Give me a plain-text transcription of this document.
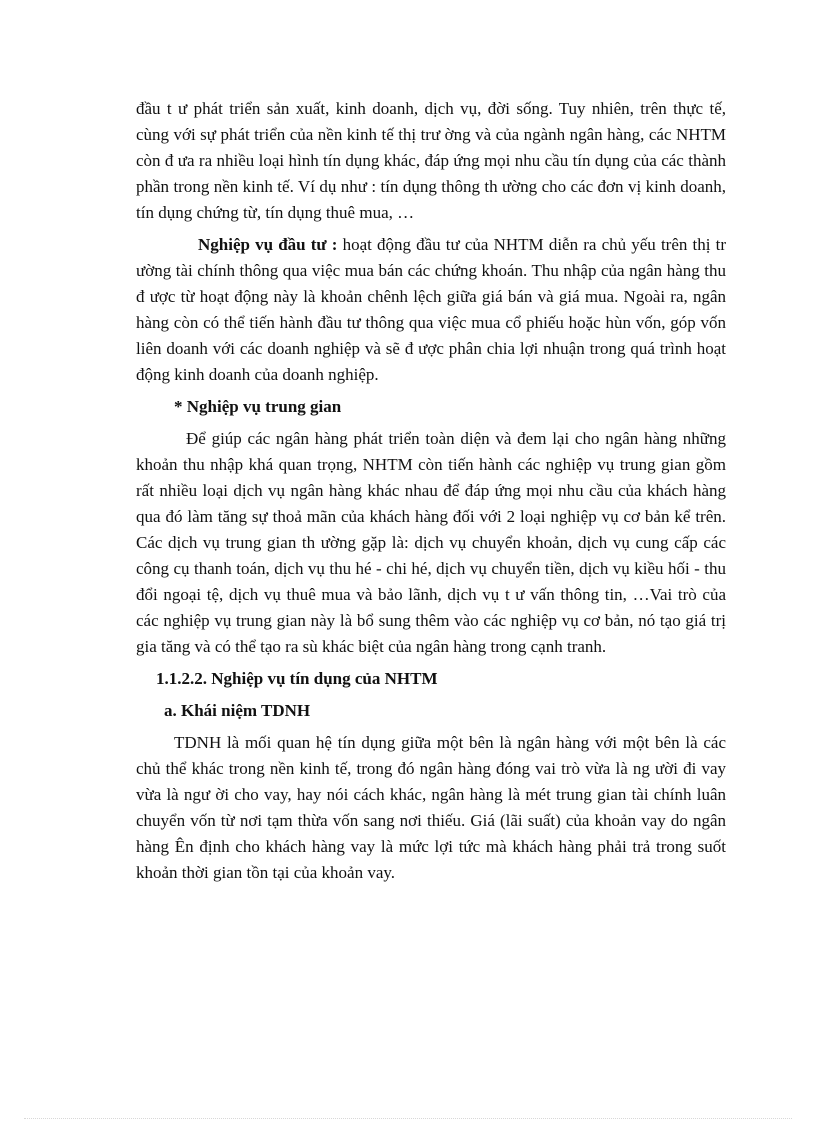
đầu t ư phát triển sản xuất, kinh doanh, dịch vụ, đời sống. Tuy nhiên, trên thực tế, cùng với sự phát triển của nền kinh tế thị trư ờng và của ngành ngân hàng, các NHTM còn đ ưa ra nhiều loại hình tín dụng khác, đáp ứng mọi nhu cầu tín dụng của các thành phần trong nền kinh tế. Ví dụ như : tín dụng thông th ường cho các đơn vị kinh doanh, tín dụng chứng từ, tín dụng thuê mua, …

Nghiệp vụ đầu tư : hoạt động đầu tư của NHTM diễn ra chủ yếu trên thị tr ường tài chính thông qua việc mua bán các chứng khoán. Thu nhập của ngân hàng thu đ ược từ hoạt động này là khoản chênh lệch giữa giá bán và giá mua. Ngoài ra, ngân hàng còn có thể tiến hành đầu tư thông qua việc mua cổ phiếu hoặc hùn vốn, góp vốn liên doanh với các doanh nghiệp và sẽ đ ược phân chia lợi nhuận trong quá trình hoạt động kinh doanh của doanh nghiệp.

* Nghiệp vụ trung gian

Để giúp các ngân hàng phát triển toàn diện và đem lại cho ngân hàng những khoản thu nhập khá quan trọng, NHTM còn tiến hành các nghiệp vụ trung gian gồm rất nhiều loại dịch vụ ngân hàng khác nhau để đáp ứng mọi nhu cầu của khách hàng qua đó làm tăng sự thoả mãn của khách hàng đối với 2 loại nghiệp vụ cơ bản kể trên. Các dịch vụ trung gian th ường gặp là: dịch vụ chuyển khoản, dịch vụ cung cấp các công cụ thanh toán, dịch vụ thu hé - chi hé, dịch vụ chuyển tiền, dịch vụ kiều hối - thu đổi ngoại tệ, dịch vụ thuê mua và bảo lãnh, dịch vụ t ư vấn thông tin, …Vai trò của các nghiệp vụ trung gian này là bổ sung thêm vào các nghiệp vụ cơ bản, nó tạo giá trị gia tăng và có thể tạo ra sù khác biệt của ngân hàng trong cạnh tranh.

1.1.2.2. Nghiệp vụ tín dụng của NHTM

a. Khái niệm TDNH

TDNH là mối quan hệ tín dụng giữa một bên là ngân hàng với một bên là các chủ thể khác trong nền kinh tế, trong đó ngân hàng đóng vai trò vừa là ng ười đi vay vừa là ngư ời cho vay, hay nói cách khác, ngân hàng là mét trung gian tài chính luân chuyển vốn từ nơi tạm thừa vốn sang nơi thiếu. Giá (lãi suất) của khoản vay do ngân hàng Ên định cho khách hàng vay là mức lợi tức mà khách hàng phải trả trong suốt khoản thời gian tồn tại của khoản vay.
